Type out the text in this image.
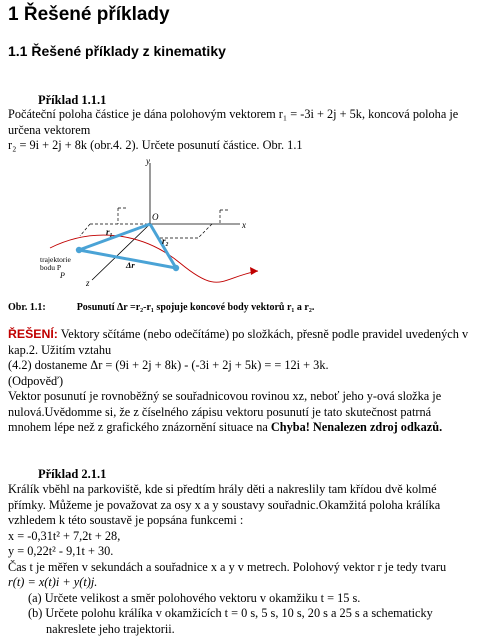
1 Řešené příklady
1.1 Řešené příklady z kinematiky
Příklad 1.1.1
Počáteční poloha částice je dána polohovým vektorem r₁ = -3i + 2j + 5k, koncová poloha je
určena vektorem
r₂ = 9i + 2j + 8k (obr.4. 2). Určete posunutí částice. Obr. 1.1
y
x
z
O
r₁
r₂
Δr
trajektorie
bodu P
P
Obr. 1.1:	Posunutí Δr =r₂-r₁ spojuje koncové body vektorů r₁ a r₂.
ŘEŠENÍ: Vektory sčítáme (nebo odečítáme) po složkách, přesně podle pravidel uvedených v
kap.2. Užitím vztahu
(4.2) dostaneme Δr = (9i + 2j + 8k) - (-3i + 2j + 5k) = = 12i + 3k.
(Odpověď)
Vektor posunutí je rovnoběžný se souřadnicovou rovinou xz, neboť jeho y-ová složka je
nulová.Uvědomme si, že z číselného zápisu vektoru posunutí je tato skutečnost patrná
mnohem lépe než z grafického znázornění situace na Chyba! Nenalezen zdroj odkazů.
Příklad 2.1.1
Králík vběhl na parkoviště, kde si předtím hrály děti a nakreslily tam křídou dvě kolmé
přímky. Můžeme je považovat za osy x a y soustavy souřadnic.Okamžitá poloha králíka
vzhledem k této soustavě je popsána funkcemi :
x = -0,31t² + 7,2t + 28,
y = 0,22t² - 9,1t + 30.
Čas t je měřen v sekundách a souřadnice x a y v metrech. Polohový vektor r je tedy tvaru
r(t) = x(t)i + y(t)j.
(a) Určete velikost a směr polohového vektoru v okamžiku t = 15 s.
(b) Určete polohu králíka v okamžicích t = 0 s, 5 s, 10 s, 20 s a 25 s a schematicky
nakreslete jeho trajektorii.
